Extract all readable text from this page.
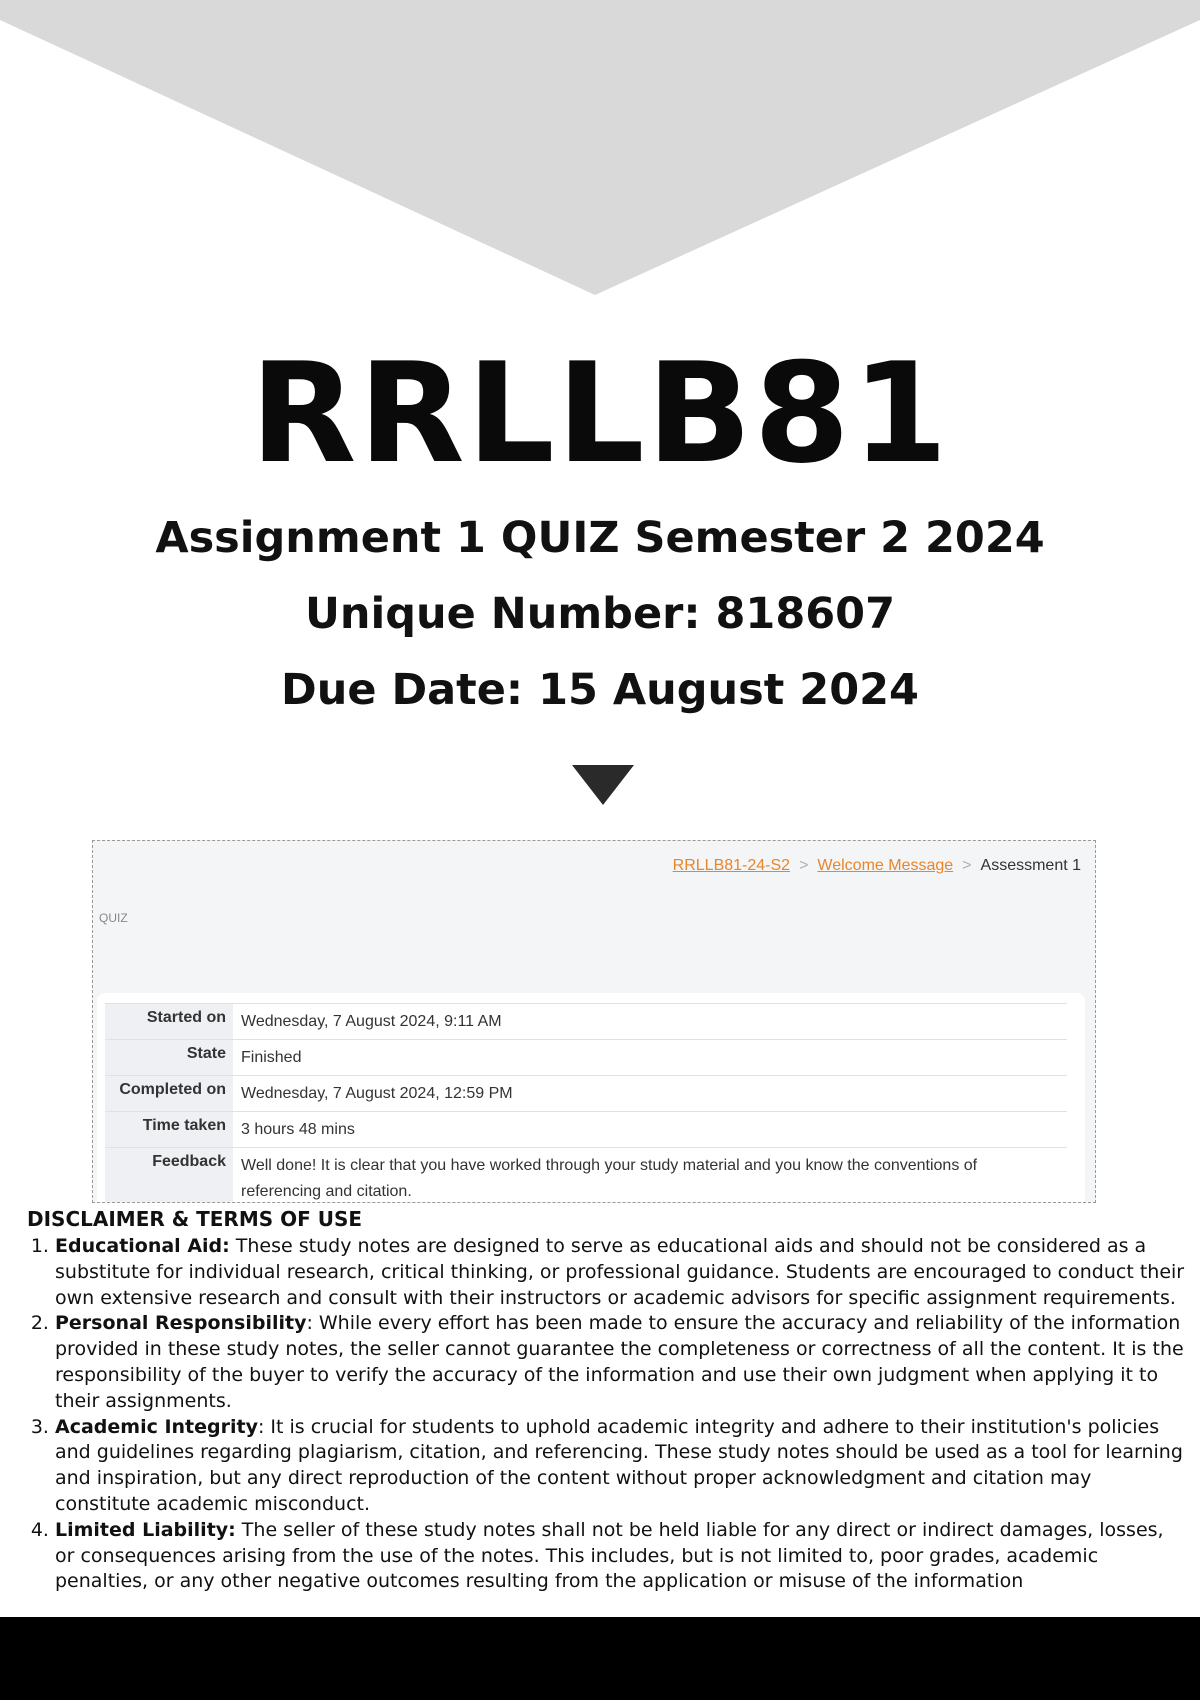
RRLLB81
Assignment 1 QUIZ Semester 2 2024
Unique Number: 818607
Due Date: 15 August 2024
RRLLB81-24-S2 > Welcome Message > Assessment 1
QUIZ
Started on	Wednesday, 7 August 2024, 9:11 AM
State	Finished
Completed on	Wednesday, 7 August 2024, 12:59 PM
Time taken	3 hours 48 mins
Feedback	Well done! It is clear that you have worked through your study material and you know the conventions of referencing and citation.
DISCLAIMER & TERMS OF USE
1. Educational Aid: These study notes are designed to serve as educational aids and should not be considered as a substitute for individual research, critical thinking, or professional guidance. Students are encouraged to conduct their own extensive research and consult with their instructors or academic advisors for specific assignment requirements.
2. Personal Responsibility: While every effort has been made to ensure the accuracy and reliability of the information provided in these study notes, the seller cannot guarantee the completeness or correctness of all the content. It is the responsibility of the buyer to verify the accuracy of the information and use their own judgment when applying it to their assignments.
3. Academic Integrity: It is crucial for students to uphold academic integrity and adhere to their institution's policies and guidelines regarding plagiarism, citation, and referencing. These study notes should be used as a tool for learning and inspiration, but any direct reproduction of the content without proper acknowledgment and citation may constitute academic misconduct.
4. Limited Liability: The seller of these study notes shall not be held liable for any direct or indirect damages, losses, or consequences arising from the use of the notes. This includes, but is not limited to, poor grades, academic penalties, or any other negative outcomes resulting from the application or misuse of the information
